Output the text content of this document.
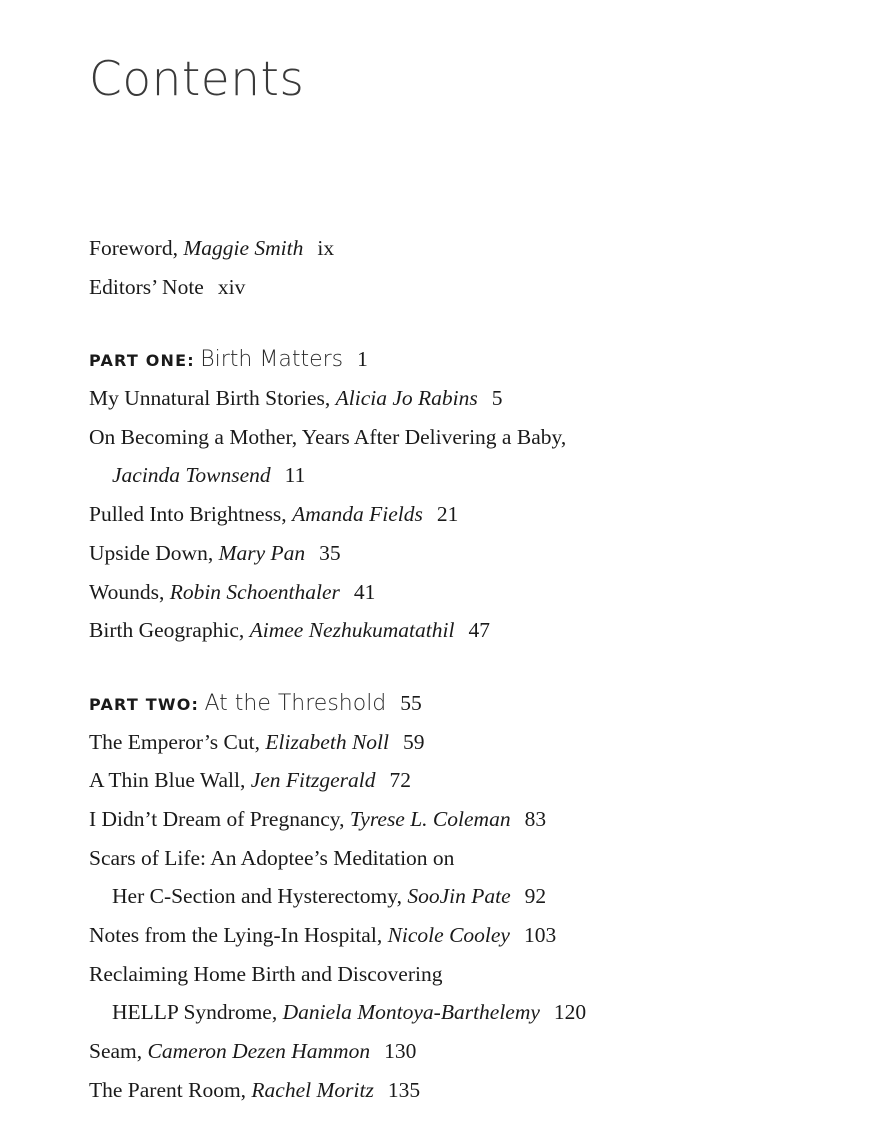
Contents
Foreword, Maggie Smith ix
Editors’ Note xiv
PART ONE: Birth Matters 1
My Unnatural Birth Stories, Alicia Jo Rabins 5
On Becoming a Mother, Years After Delivering a Baby,
Jacinda Townsend 11
Pulled Into Brightness, Amanda Fields 21
Upside Down, Mary Pan 35
Wounds, Robin Schoenthaler 41
Birth Geographic, Aimee Nezhukumatathil 47
PART TWO: At the Threshold 55
The Emperor’s Cut, Elizabeth Noll 59
A Thin Blue Wall, Jen Fitzgerald 72
I Didn’t Dream of Pregnancy, Tyrese L. Coleman 83
Scars of Life: An Adoptee’s Meditation on
Her C-Section and Hysterectomy, SooJin Pate 92
Notes from the Lying-In Hospital, Nicole Cooley 103
Reclaiming Home Birth and Discovering
HELLP Syndrome, Daniela Montoya-Barthelemy 120
Seam, Cameron Dezen Hammon 130
The Parent Room, Rachel Moritz 135
